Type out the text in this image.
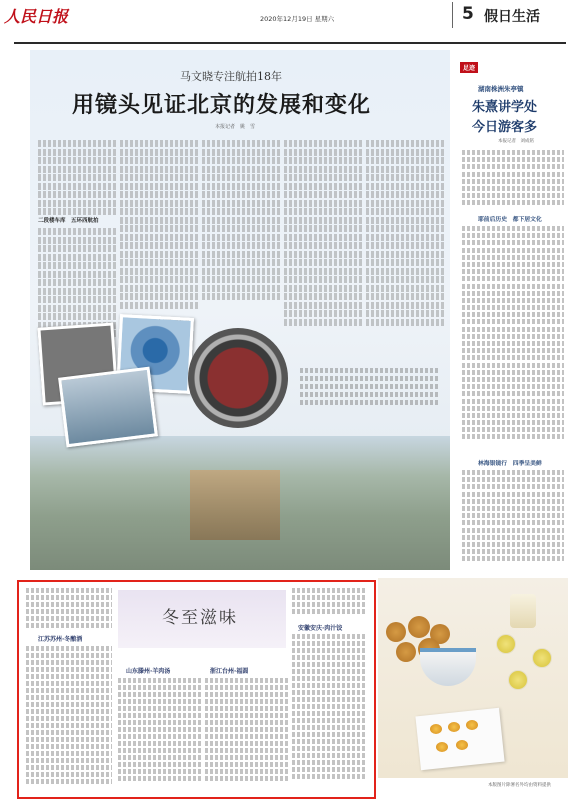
人民日报	2020年12月19日 星期六	5 假日生活
马文晓专注航拍18年
用镜头见证北京的发展和变化
本报记者　姚　雪
二段楼车库　五环西航拍
足迹
湖南株洲朱亭镇
朱熹讲学处
今日游客多
本报记者　刘成铭
耶前后历史　都下居文化
林海银镜行　四季呈美鲜
冬至滋味
江苏苏州·冬酿酒
山东滕州·羊肉汤	浙江台州·福圆
安徽安庆·肉汁饺
本版图片除署名外均由资料提供
